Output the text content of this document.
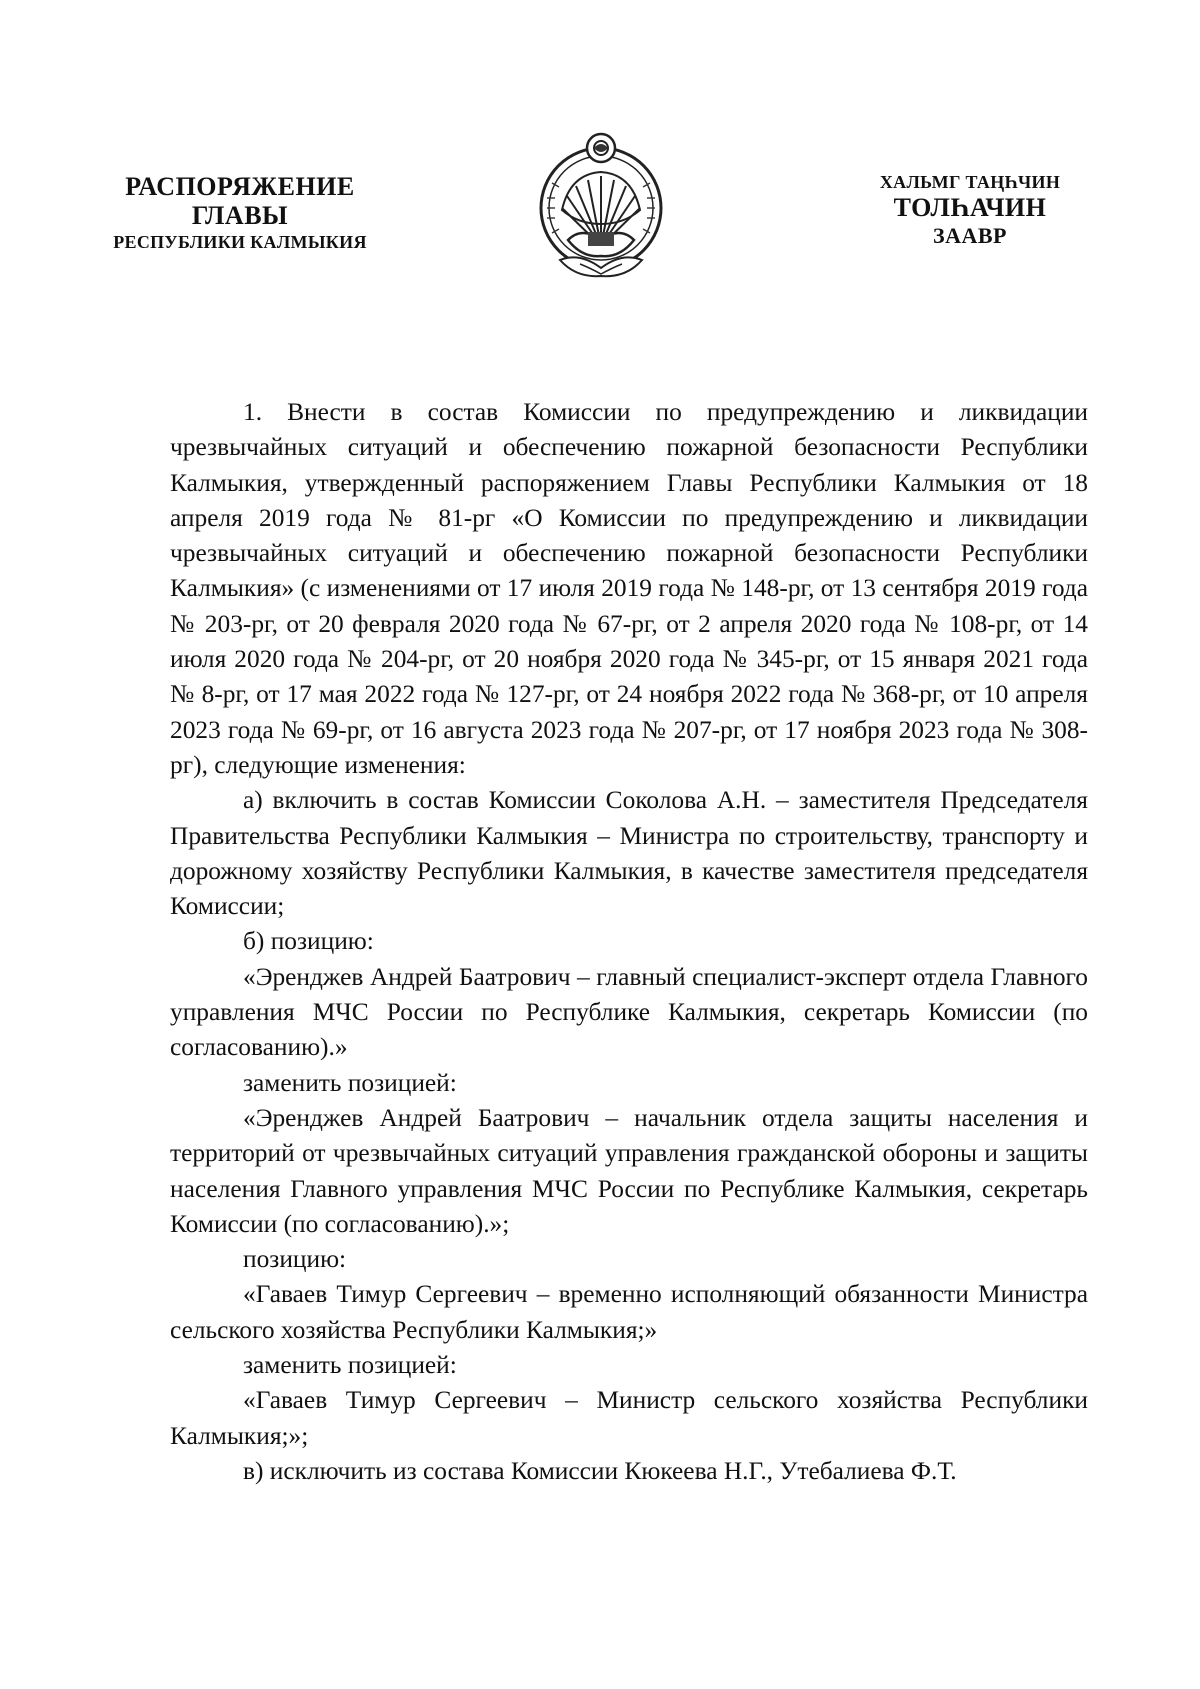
РАСПОРЯЖЕНИЕ
ГЛАВЫ
РЕСПУБЛИКИ КАЛМЫКИЯ
ХАЛЬМГ ТАҢҺЧИН
ТОЛҺАЧИН
ЗААВР

1. Внести в состав Комиссии по предупреждению и ликвидации чрезвычайных ситуаций и обеспечению пожарной безопасности Республики Калмыкия, утвержденный распоряжением Главы Республики Калмыкия от 18 апреля 2019 года № 81-рг «О Комиссии по предупреждению и ликвидации чрезвычайных ситуаций и обеспечению пожарной безопасности Республики Калмыкия» (с изменениями от 17 июля 2019 года № 148-рг, от 13 сентября 2019 года № 203-рг, от 20 февраля 2020 года № 67-рг, от 2 апреля 2020 года № 108-рг, от 14 июля 2020 года № 204-рг, от 20 ноября 2020 года № 345-рг, от 15 января 2021 года № 8-рг, от 17 мая 2022 года № 127-рг, от 24 ноября 2022 года № 368-рг, от 10 апреля 2023 года № 69-рг, от 16 августа 2023 года № 207-рг, от 17 ноября 2023 года № 308-рг), следующие изменения:

а) включить в состав Комиссии Соколова А.Н. – заместителя Председателя Правительства Республики Калмыкия – Министра по строительству, транспорту и дорожному хозяйству Республики Калмыкия, в качестве заместителя председателя Комиссии;

б) позицию:

«Эренджев Андрей Баатрович – главный специалист-эксперт отдела Главного управления МЧС России по Республике Калмыкия, секретарь Комиссии (по согласованию).»

заменить позицией:

«Эренджев Андрей Баатрович – начальник отдела защиты населения и территорий от чрезвычайных ситуаций управления гражданской обороны и защиты населения Главного управления МЧС России по Республике Калмыкия, секретарь Комиссии (по согласованию).»;

позицию:

«Гаваев Тимур Сергеевич – временно исполняющий обязанности Министра сельского хозяйства Республики Калмыкия;»

заменить позицией:

«Гаваев Тимур Сергеевич – Министр сельского хозяйства Республики Калмыкия;»;

в) исключить из состава Комиссии Кюкеева Н.Г., Утебалиева Ф.Т.
